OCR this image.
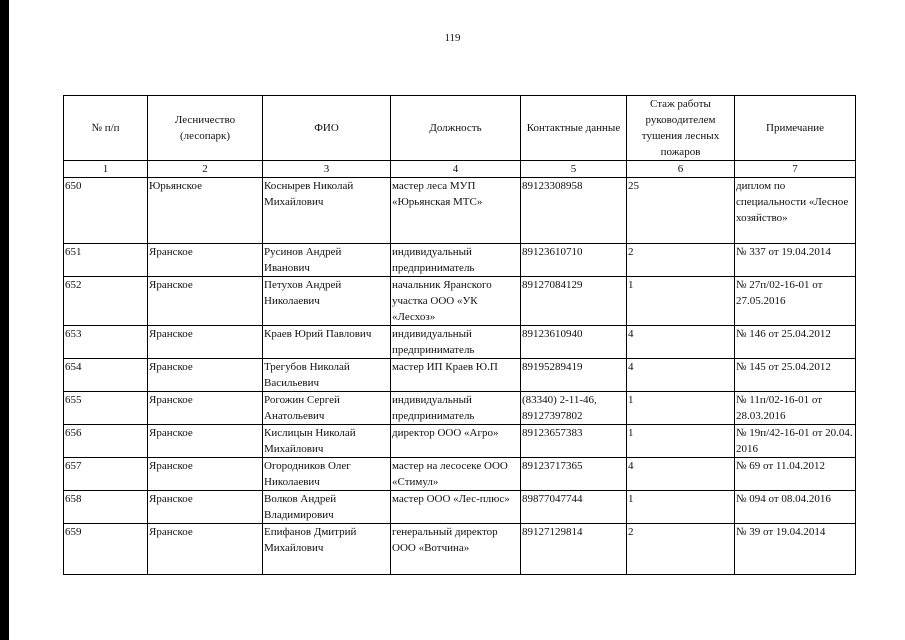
119
№ п/п	Лесничество (лесопарк)	ФИО	Должность	Контактные данные	Стаж работы руководителем тушения лесных пожаров	Примечание
1	2	3	4	5	6	7
650	Юрьянское	Коснырев Николай Михайлович	мастер леса МУП «Юрьянская МТС»	89123308958	25	диплом по специальности «Лесное хозяйство»
651	Яранское	Русинов Андрей Иванович	индивидуальный предприниматель	89123610710	2	№ 337 от 19.04.2014
652	Яранское	Петухов Андрей Николаевич	начальник Яранского участка ООО «УК «Лесхоз»	89127084129	1	№ 27п/02-16-01 от 27.05.2016
653	Яранское	Краев Юрий Павлович	индивидуальный предприниматель	89123610940	4	№ 146 от 25.04.2012
654	Яранское	Трегубов Николай Васильевич	мастер ИП Краев Ю.П	89195289419	4	№ 145 от 25.04.2012
655	Яранское	Рогожин Сергей Анатольевич	индивидуальный предприниматель	(83340) 2-11-46, 89127397802	1	№ 11п/02-16-01 от 28.03.2016
656	Яранское	Кислицын Николай Михайлович	директор ООО «Агро»	89123657383	1	№ 19п/42-16-01 от 20.04. 2016
657	Яранское	Огородников Олег Николаевич	мастер на лесосеке ООО «Стимул»	89123717365	4	№ 69 от 11.04.2012
658	Яранское	Волков Андрей Владимирович	мастер ООО «Лес-плюс»	89877047744	1	№ 094 от 08.04.2016
659	Яранское	Епифанов Дмитрий Михайлович	генеральный директор ООО «Вотчина»	89127129814	2	№ 39 от 19.04.2014
